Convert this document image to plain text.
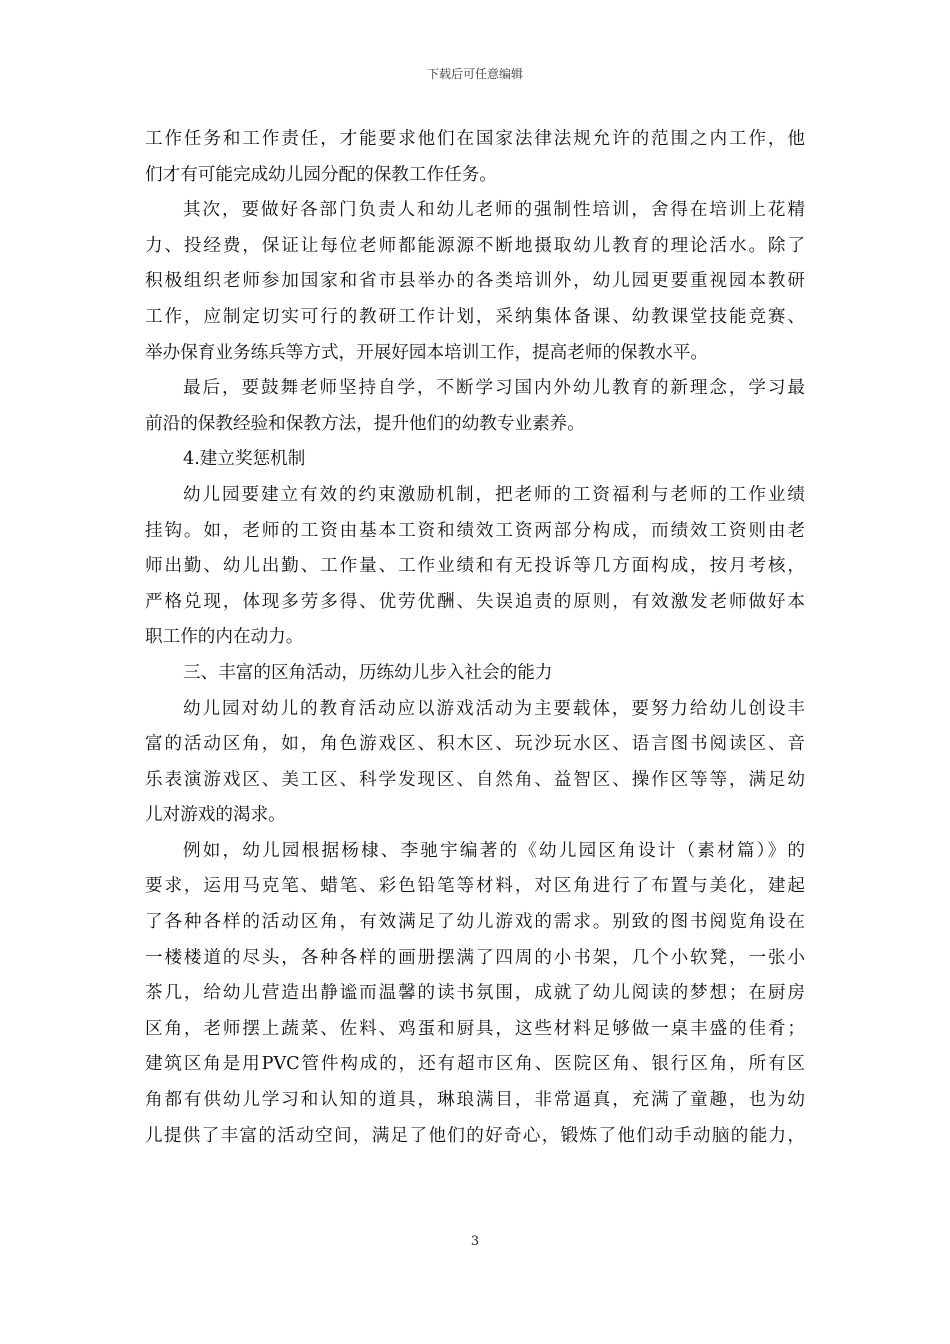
下载后可任意编辑
工作任务和工作责任，才能要求他们在国家法律法规允许的范围之内工作，他
们才有可能完成幼儿园分配的保教工作任务。
其次，要做好各部门负责人和幼儿老师的强制性培训，舍得在培训上花精
力、投经费，保证让每位老师都能源源不断地摄取幼儿教育的理论活水。除了
积极组织老师参加国家和省市县举办的各类培训外，幼儿园更要重视园本教研
工作，应制定切实可行的教研工作计划，采纳集体备课、幼教课堂技能竞赛、
举办保育业务练兵等方式，开展好园本培训工作，提高老师的保教水平。
最后，要鼓舞老师坚持自学，不断学习国内外幼儿教育的新理念，学习最
前沿的保教经验和保教方法，提升他们的幼教专业素养。
4.建立奖惩机制
幼儿园要建立有效的约束激励机制，把老师的工资福利与老师的工作业绩
挂钩。如，老师的工资由基本工资和绩效工资两部分构成，而绩效工资则由老
师出勤、幼儿出勤、工作量、工作业绩和有无投诉等几方面构成，按月考核，
严格兑现，体现多劳多得、优劳优酬、失误追责的原则，有效激发老师做好本
职工作的内在动力。
三、丰富的区角活动，历练幼儿步入社会的能力
幼儿园对幼儿的教育活动应以游戏活动为主要载体，要努力给幼儿创设丰
富的活动区角，如，角色游戏区、积木区、玩沙玩水区、语言图书阅读区、音
乐表演游戏区、美工区、科学发现区、自然角、益智区、操作区等等，满足幼
儿对游戏的渴求。
例如，幼儿园根据杨棣、李驰宇编著的《幼儿园区角设计（素材篇）》的
要求，运用马克笔、蜡笔、彩色铅笔等材料，对区角进行了布置与美化，建起
了各种各样的活动区角，有效满足了幼儿游戏的需求。别致的图书阅览角设在
一楼楼道的尽头，各种各样的画册摆满了四周的小书架，几个小软凳，一张小
茶几，给幼儿营造出静谧而温馨的读书氛围，成就了幼儿阅读的梦想；在厨房
区角，老师摆上蔬菜、佐料、鸡蛋和厨具，这些材料足够做一桌丰盛的佳肴；
建筑区角是用PVC管件构成的，还有超市区角、医院区角、银行区角，所有区
角都有供幼儿学习和认知的道具，琳琅满目，非常逼真，充满了童趣，也为幼
儿提供了丰富的活动空间，满足了他们的好奇心，锻炼了他们动手动脑的能力，
3
